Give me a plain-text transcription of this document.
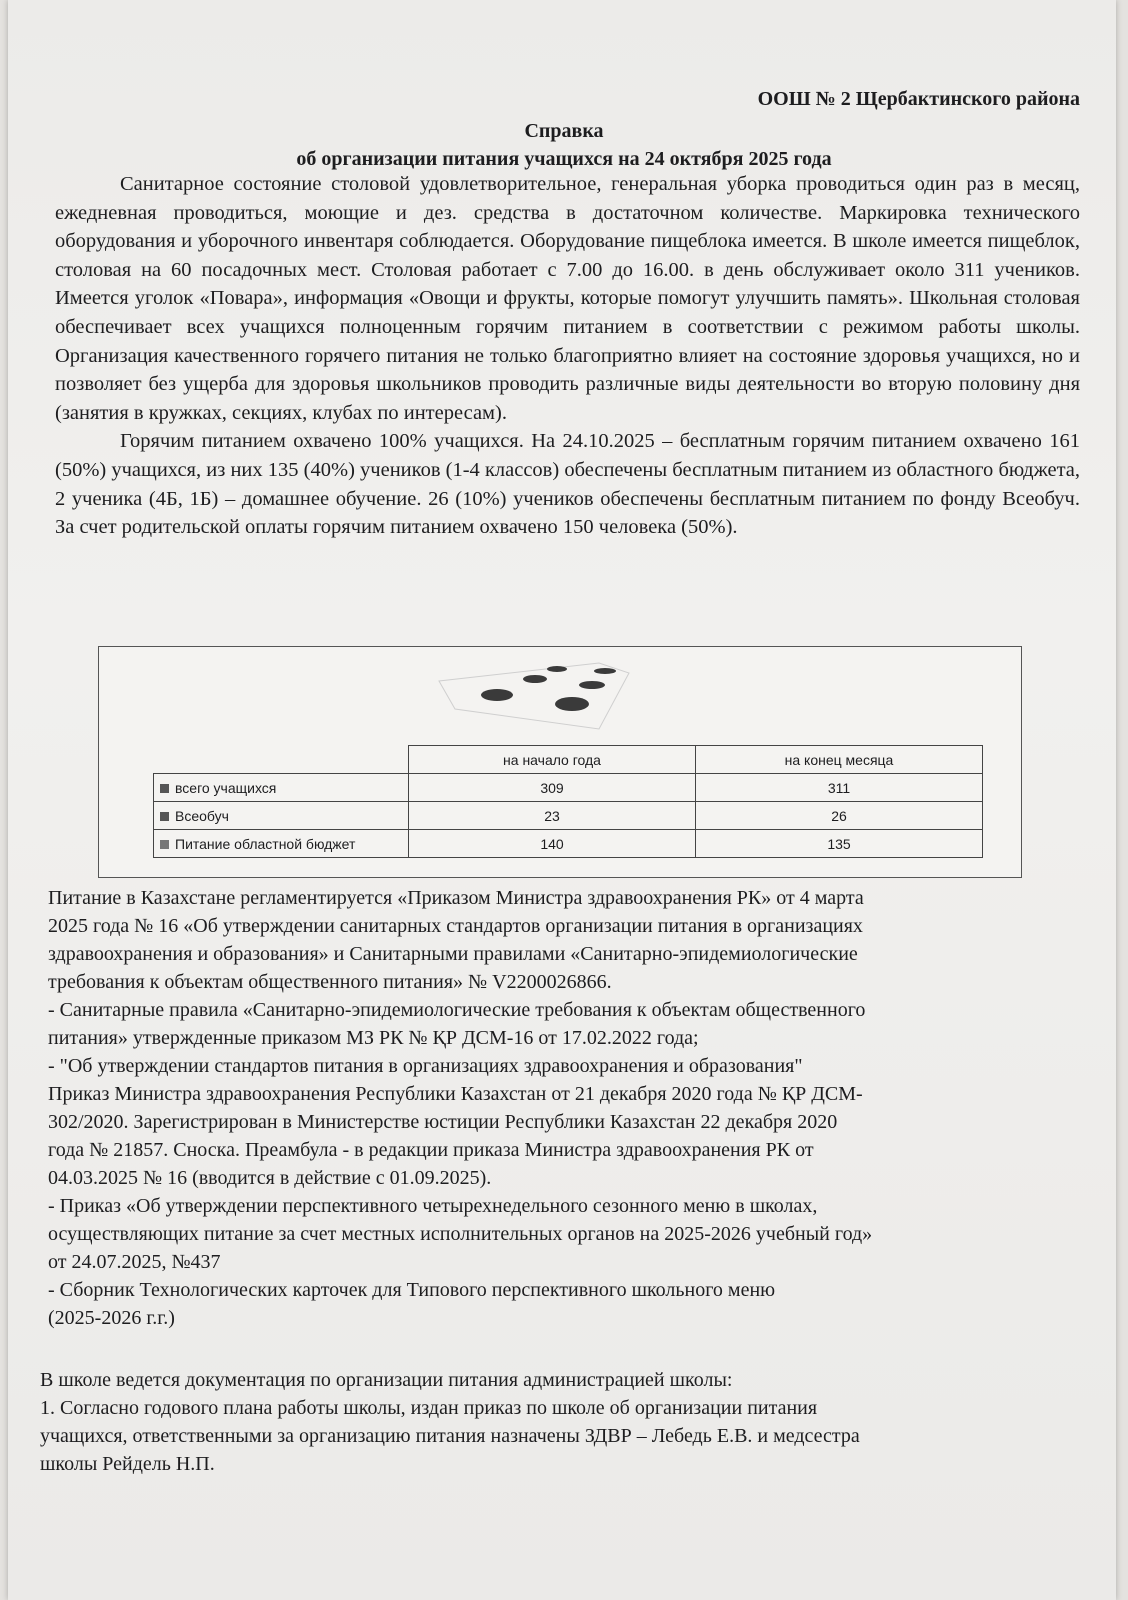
ООШ № 2 Щербактинского района
Справка
об организации питания учащихся на 24 октября 2025 года

Санитарное состояние столовой удовлетворительное, генеральная уборка проводиться один раз в месяц, ежедневная проводиться, моющие и дез. средства в достаточном количестве. Маркировка технического оборудования и уборочного инвентаря соблюдается. Оборудование пищеблока имеется. В школе имеется пищеблок, столовая на 60 посадочных мест. Столовая работает с 7.00 до 16.00. в день обслуживает около 311 учеников. Имеется уголок «Повара», информация «Овощи и фрукты, которые помогут улучшить память». Школьная столовая обеспечивает всех учащихся полноценным горячим питанием в соответствии с режимом работы школы. Организация качественного горячего питания не только благоприятно влияет на состояние здоровья учащихся, но и позволяет без ущерба для здоровья школьников проводить различные виды деятельности во вторую половину дня (занятия в кружках, секциях, клубах по интересам).

Горячим питанием охвачено 100% учащихся. На 24.10.2025 – бесплатным горячим питанием охвачено 161 (50%) учащихся, из них 135 (40%) учеников (1-4 классов) обеспечены бесплатным питанием из областного бюджета, 2 ученика (4Б, 1Б) – домашнее обучение. 26 (10%) учеников обеспечены бесплатным питанием по фонду Всеобуч. За счет родительской оплаты горячим питанием охвачено 150 человека (50%).

	на начало года	на конец месяца
всего учащихся	309	311
Всеобуч	23	26
Питание областной бюджет	140	135

Питание в Казахстане регламентируется «Приказом Министра здравоохранения РК» от 4 марта

2025 года № 16 «Об утверждении санитарных стандартов организации питания в организациях

здравоохранения и образования» и Санитарными правилами «Санитарно-эпидемиологические

требования к объектам общественного питания» № V2200026866.

- Санитарные правила «Санитарно-эпидемиологические требования к объектам общественного

питания» утвержденные приказом МЗ РК № ҚР ДСМ-16 от 17.02.2022 года;

- "Об утверждении стандартов питания в организациях здравоохранения и образования"

Приказ Министра здравоохранения Республики Казахстан от 21 декабря 2020 года № ҚР ДСМ-

302/2020. Зарегистрирован в Министерстве юстиции Республики Казахстан 22 декабря 2020

года № 21857. Сноска. Преамбула - в редакции приказа Министра здравоохранения РК от

04.03.2025 № 16 (вводится в действие с 01.09.2025).

- Приказ «Об утверждении перспективного четырехнедельного сезонного меню в школах,

осуществляющих питание за счет местных исполнительных органов на 2025-2026 учебный год»

от 24.07.2025, №437

- Сборник Технологических карточек для Типового перспективного школьного меню

(2025-2026 г.г.)

В школе ведется документация по организации питания администрацией школы:

1. Согласно годового плана работы школы, издан приказ по школе об организации питания

учащихся, ответственными за организацию питания назначены ЗДВР – Лебедь Е.В. и медсестра

школы Рейдель Н.П.
